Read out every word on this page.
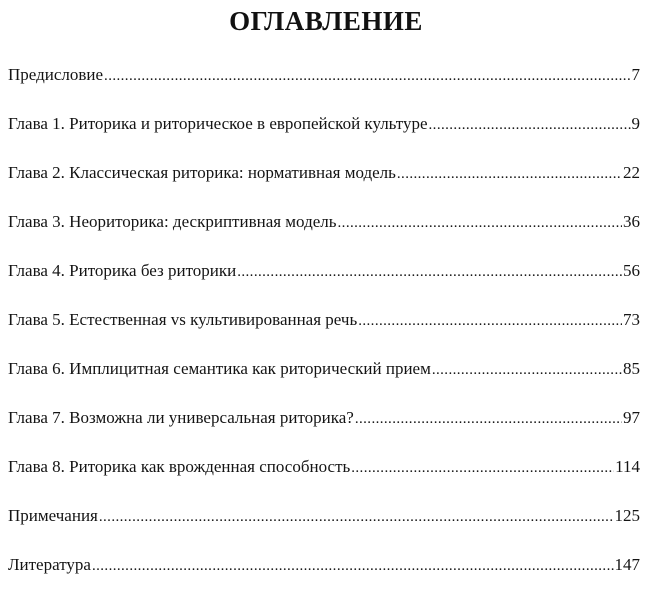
ОГЛАВЛЕНИЕ
Предисловие .....	7
Глава 1. Риторика и риторическое в европейской культуре .....	9
Глава 2. Классическая риторика: нормативная модель .....	22
Глава 3. Неориторика: дескриптивная модель .....	36
Глава 4. Риторика без риторики .....	56
Глава 5. Естественная vs культивированная речь .....	73
Глава 6. Имплицитная семантика как риторический прием .....	85
Глава 7. Возможна ли универсальная риторика? .....	97
Глава 8. Риторика как врожденная способность .....	114
Примечания .....	125
Литература .....	147
